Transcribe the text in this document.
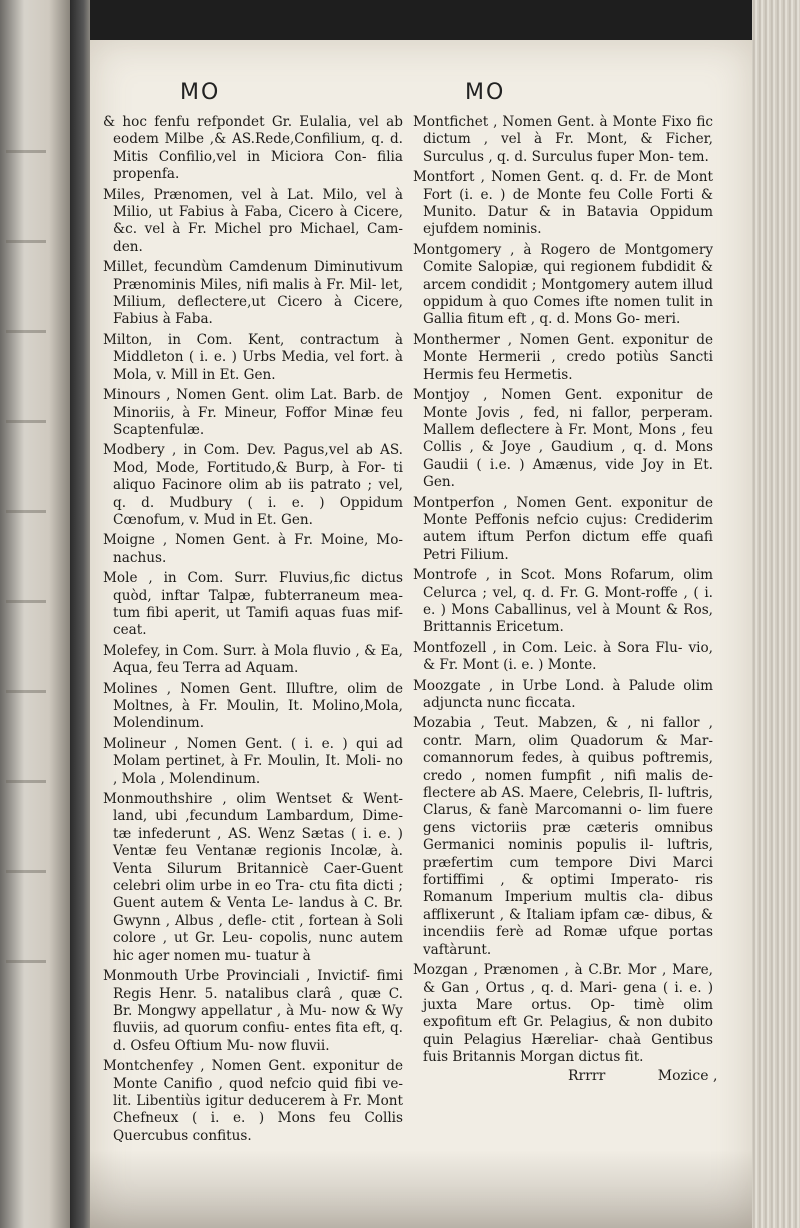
MO	MO

& hoc fenfu refpondet Gr. Eulalia, vel ab eodem Milbe ,& AS.Rede,Confilium, q. d. Mitis Confilio,vel in Miciora Con- filia propenfa.

Miles, Prænomen, vel à Lat. Milo, vel à Milio, ut Fabius à Faba, Cicero à Cicere, &c. vel à Fr. Michel pro Michael, Cam- den.

Millet, fecundùm Camdenum Diminutivum Prænominis Miles, nifi malis à Fr. Mil- let, Milium, deflectere,ut Cicero à Cicere, Fabius à Faba.

Milton, in Com. Kent, contractum à Middleton ( i. e. ) Urbs Media, vel fort. à Mola, v. Mill in Et. Gen.

Minours , Nomen Gent. olim Lat. Barb. de Minoriis, à Fr. Mineur, Foffor Minæ feu Scaptenfulæ.

Modbery , in Com. Dev. Pagus,vel ab AS. Mod, Mode, Fortitudo,& Burp, à For- ti aliquo Facinore olim ab iis patrato ; vel, q. d. Mudbury ( i. e. ) Oppidum Cœnofum, v. Mud in Et. Gen.

Moigne , Nomen Gent. à Fr. Moine, Mo- nachus.

Mole , in Com. Surr. Fluvius,fic dictus quòd, inftar Talpæ, fubterraneum mea- tum fibi aperit, ut Tamifi aquas fuas mif- ceat.

Molefey, in Com. Surr. à Mola fluvio , & Ea, Aqua, feu Terra ad Aquam.

Molines , Nomen Gent. Illuftre, olim de Moltnes, à Fr. Moulin, It. Molino,Mola, Molendinum.

Molineur , Nomen Gent. ( i. e. ) qui ad Molam pertinet, à Fr. Moulin, It. Moli- no , Mola , Molendinum.

Monmouthshire , olim Wentset & Went- land, ubi ,fecundum Lambardum, Dime- tæ infederunt , AS. Wenz Sætas ( i. e. ) Ventæ feu Ventanæ regionis Incolæ, à. Venta Silurum Britannicè Caer-Guent celebri olim urbe in eo Tra- ctu fita dicti ; Guent autem & Venta Le- landus à C. Br. Gwynn , Albus , defle- ctit , fortean à Soli colore , ut Gr. Leu- copolis, nunc autem hic ager nomen mu- tuatur à

Monmouth Urbe Provinciali , Invictif- fimi Regis Henr. 5. natalibus clarâ , quæ C. Br. Mongwy appellatur , à Mu- now & Wy fluviis, ad quorum confiu- entes fita eft, q. d. Osfeu Oftium Mu- now fluvii.

Montchenfey , Nomen Gent. exponitur de Monte Canifio , quod nefcio quid fibi ve- lit. Libentiùs igitur deducerem à Fr. Mont Chefneux ( i. e. ) Mons feu Collis Quercubus confitus.

Montfichet , Nomen Gent. à Monte Fixo fic dictum , vel à Fr. Mont, & Ficher, Surculus , q. d. Surculus fuper Mon- tem.

Montfort , Nomen Gent. q. d. Fr. de Mont Fort (i. e. ) de Monte feu Colle Forti & Munito. Datur & in Batavia Oppidum ejufdem nominis.

Montgomery , à Rogero de Montgomery Comite Salopiæ, qui regionem fubdidit & arcem condidit ; Montgomery autem illud oppidum à quo Comes ifte nomen tulit in Gallia fitum eft , q. d. Mons Go- meri.

Monthermer , Nomen Gent. exponitur de Monte Hermerii , credo potiùs Sancti Hermis feu Hermetis.

Montjoy , Nomen Gent. exponitur de Monte Jovis , fed, ni fallor, perperam. Mallem deflectere à Fr. Mont, Mons , feu Collis , & Joye , Gaudium , q. d. Mons Gaudii ( i.e. ) Amænus, vide Joy in Et. Gen.

Montperfon , Nomen Gent. exponitur de Monte Peffonis nefcio cujus: Crediderim autem iftum Perfon dictum effe quafi Petri Filium.

Montrofe , in Scot. Mons Rofarum, olim Celurca ; vel, q. d. Fr. G. Mont-roffe , ( i. e. ) Mons Caballinus, vel à Mount & Ros, Brittannis Ericetum.

Montfozell , in Com. Leic. à Sora Flu- vio, & Fr. Mont (i. e. ) Monte.

Moozgate , in Urbe Lond. à Palude olim adjuncta nunc ficcata.

Mozabia , Teut. Mabzen, & , ni fallor , contr. Marn, olim Quadorum & Mar- comannorum fedes, à quibus poftremis, credo , nomen fumpfit , nifi malis de- flectere ab AS. Maere, Celebris, Il- luftris, Clarus, & fanè Marcomanni o- lim fuere gens victoriis præ cæteris omnibus Germanici nominis populis il- luftris, præfertim cum tempore Divi Marci fortiffimi , & optimi Imperato- ris Romanum Imperium multis cla- dibus afflixerunt , & Italiam ipfam cæ- dibus, & incendiis ferè ad Romæ ufque portas vaftàrunt.

Mozgan , Prænomen , à C.Br. Mor , Mare, & Gan , Ortus , q. d. Mari- gena ( i. e. ) juxta Mare ortus. Op- timè olim expofitum eft Gr. Pelagius, & non dubito quin Pelagius Hæreliar- chaà Gentibus fuis Britannis Morgan dictus fit.

Rrrrr	Mozice ,
